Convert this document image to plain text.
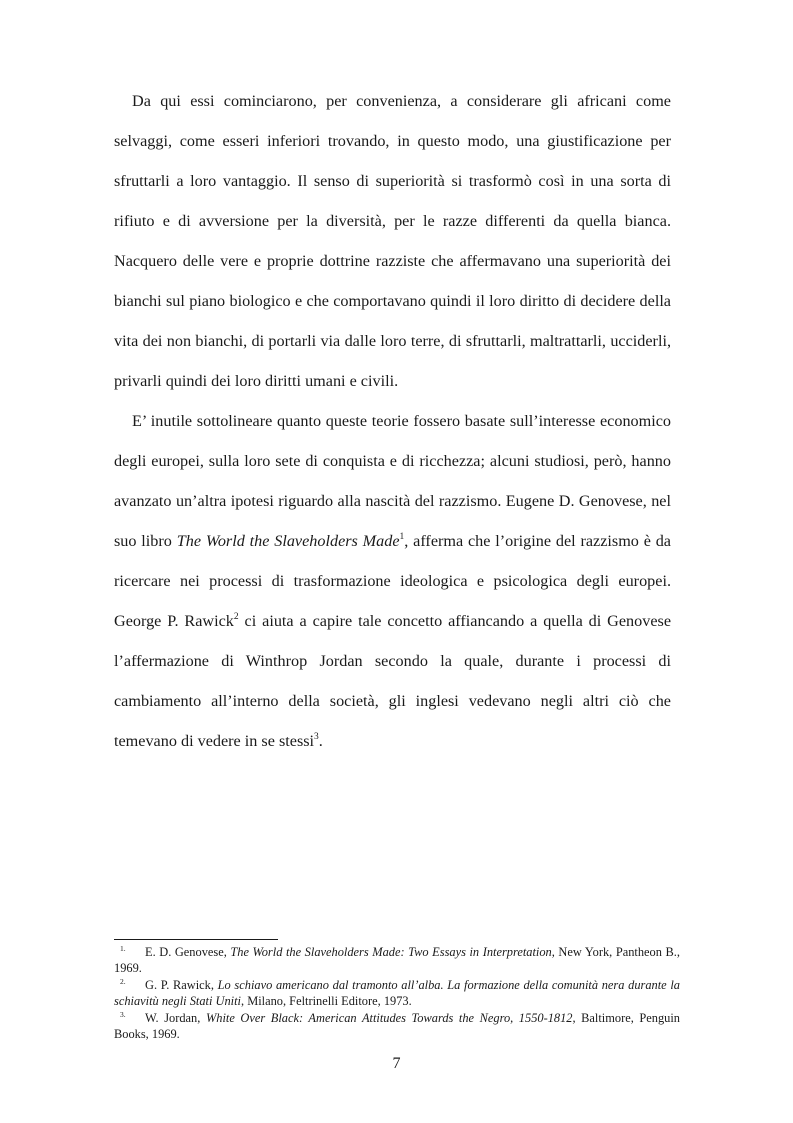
Da qui essi cominciarono, per convenienza, a considerare gli africani come selvaggi, come esseri inferiori trovando, in questo modo, una giustificazione per sfruttarli a loro vantaggio. Il senso di superiorità si trasformò così in una sorta di rifiuto e di avversione per la diversità, per le razze differenti da quella bianca. Nacquero delle vere e proprie dottrine razziste che affermavano una superiorità dei bianchi sul piano biologico e che comportavano quindi il loro diritto di decidere della vita dei non bianchi, di portarli via dalle loro terre, di sfruttarli, maltrattarli, ucciderli, privarli quindi dei loro diritti umani e civili.

E’ inutile sottolineare quanto queste teorie fossero basate sull’interesse economico degli europei, sulla loro sete di conquista e di ricchezza; alcuni studiosi, però, hanno avanzato un’altra ipotesi riguardo alla nascità del razzismo. Eugene D. Genovese, nel suo libro The World the Slaveholders Made$^1$, afferma che l’origine del razzismo è da ricercare nei processi di trasformazione ideologica e psicologica degli europei. George P. Rawick$^2$ ci aiuta a capire tale concetto affiancando a quella di Genovese l’affermazione di Winthrop Jordan secondo la quale, durante i processi di cambiamento all’interno della società, gli inglesi vedevano negli altri ciò che temevano di vedere in se stessi$^3$.

1. E. D. Genovese, The World the Slaveholders Made: Two Essays in Interpretation, New York, Pantheon B., 1969.

2. G. P. Rawick, Lo schiavo americano dal tramonto all’alba. La formazione della comunità nera durante la schiavitù negli Stati Uniti, Milano, Feltrinelli Editore, 1973.

3. W. Jordan, White Over Black: American Attitudes Towards the Negro, 1550-1812, Baltimore, Penguin Books, 1969.

7
